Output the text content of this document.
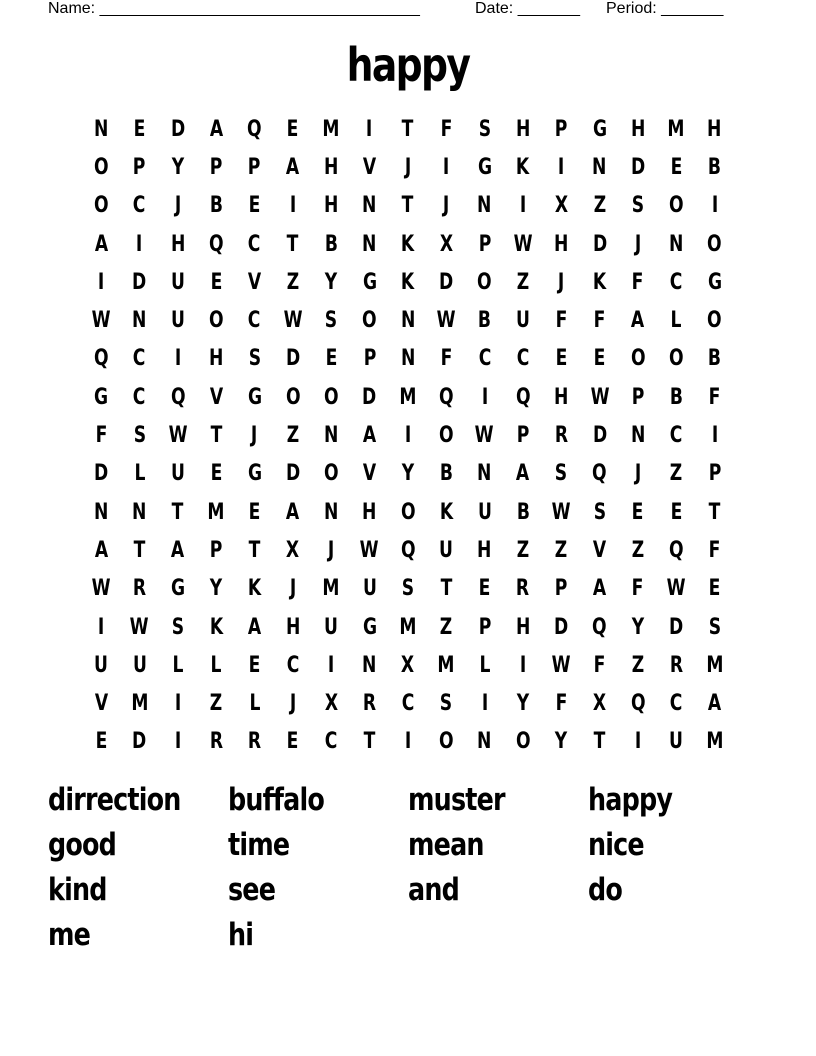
Name: ____________________________________	Date: _______ Period: _______
happy
N E D A Q E M I T F S H P G H M H
O P Y P P A H V J I G K I N D E B
O C J B E I H N T J N I X Z S O I
A I H Q C T B N K X P W H D J N O
I D U E V Z Y G K D O Z J K F C G
W N U O C W S O N W B U F F A L O
Q C I H S D E P N F C C E E O O B
G C Q V G O O D M Q I Q H W P B F
F S W T J Z N A I O W P R D N C I
D L U E G D O V Y B N A S Q J Z P
N N T M E A N H O K U B W S E E T
A T A P T X J W Q U H Z Z V Z Q F
W R G Y K J M U S T E R P A F W E
I W S K A H U G M Z P H D Q Y D S
U U L L E C I N X M L I W F Z R M
V M I Z L J X R C S I Y F X Q C A
E D I R R E C T I O N O Y T I U M
dirrection	buffalo	muster	happy
good	time	mean	nice
kind	see	and	do
me	hi
